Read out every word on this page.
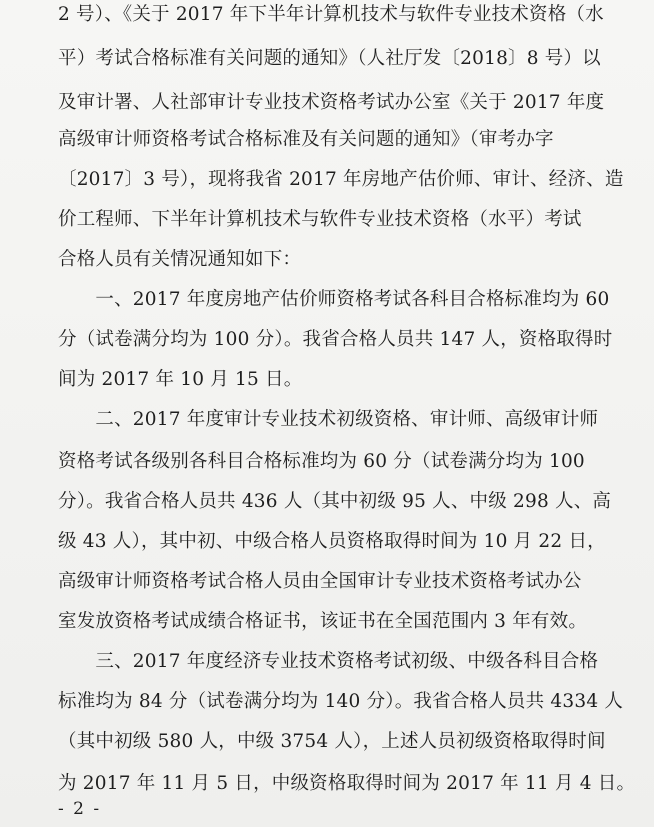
2 号）、《关于 2017 年下半年计算机技术与软件专业技术资格（水
平）考试合格标准有关问题的通知》（人社厅发〔2018〕8 号）以
及审计署、人社部审计专业技术资格考试办公室《关于 2017 年度
高级审计师资格考试合格标准及有关问题的通知》（审考办字
〔2017〕3 号），现将我省 2017 年房地产估价师、审计、经济、造
价工程师、下半年计算机技术与软件专业技术资格（水平）考试
合格人员有关情况通知如下：
　　一、2017 年度房地产估价师资格考试各科目合格标准均为 60
分（试卷满分均为 100 分）。我省合格人员共 147 人，资格取得时
间为 2017 年 10 月 15 日。
　　二、2017 年度审计专业技术初级资格、审计师、高级审计师
资格考试各级别各科目合格标准均为 60 分（试卷满分均为 100
分）。我省合格人员共 436 人（其中初级 95 人、中级 298 人、高
级 43 人），其中初、中级合格人员资格取得时间为 10 月 22 日，
高级审计师资格考试合格人员由全国审计专业技术资格考试办公
室发放资格考试成绩合格证书，该证书在全国范围内 3 年有效。
　　三、2017 年度经济专业技术资格考试初级、中级各科目合格
标准均为 84 分（试卷满分均为 140 分）。我省合格人员共 4334 人
（其中初级 580 人，中级 3754 人），上述人员初级资格取得时间
为 2017 年 11 月 5 日，中级资格取得时间为 2017 年 11 月 4 日。
- 2 -
